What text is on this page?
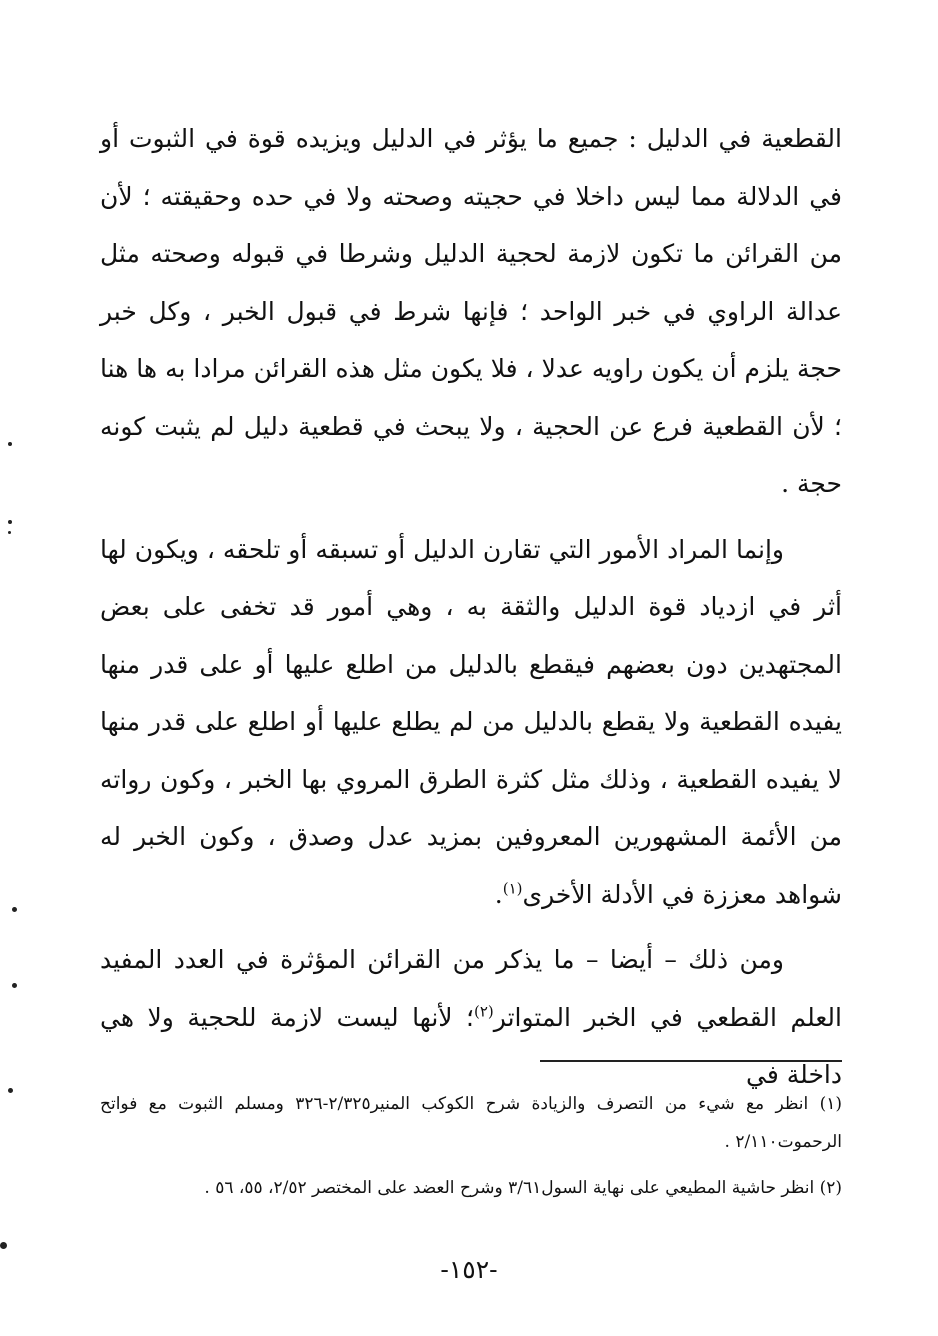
القطعية في الدليل : جميع ما يؤثر في الدليل ويزيده قوة في الثبوت أو في الدلالة مما ليس داخلا في حجيته وصحته ولا في حده وحقيقته ؛ لأن من القرائن ما تكون لازمة لحجية الدليل وشرطا في قبوله وصحته مثل عدالة الراوي في خبر الواحد ؛ فإنها شرط في قبول الخبر ، وكل خبر حجة يلزم أن يكون راويه عدلا ، فلا يكون مثل هذه القرائن مرادا به ها هنا ؛ لأن القطعية فرع عن الحجية ، ولا يبحث في قطعية دليل لم يثبت كونه حجة .

وإنما المراد الأمور التي تقارن الدليل أو تسبقه أو تلحقه ، ويكون لها أثر في ازدياد قوة الدليل والثقة به ، وهي أمور قد تخفى على بعض المجتهدين دون بعضهم فيقطع بالدليل من اطلع عليها أو على قدر منها يفيده القطعية ولا يقطع بالدليل من لم يطلع عليها أو اطلع على قدر منها لا يفيده القطعية ، وذلك مثل كثرة الطرق المروي بها الخبر ، وكون رواته من الأئمة المشهورين المعروفين بمزيد عدل وصدق ، وكون الخبر له شواهد معززة في الأدلة الأخرى$^{(١)}$.

ومن ذلك – أيضا – ما يذكر من القرائن المؤثرة في العدد المفيد العلم القطعي في الخبر المتواتر$^{(٢)}$؛ لأنها ليست لازمة للحجية ولا هي داخلة في

(١) انظر مع شيء من التصرف والزيادة شرح الكوكب المنير٢/٣٢٥-٣٢٦ ومسلم الثبوت مع فواتح الرحموت٢/١١٠ .

(٢) انظر حاشية المطيعي على نهاية السول٣/٦١ وشرح العضد على المختصر ٢/٥٢، ٥٥، ٥٦ .

-١٥٢-
